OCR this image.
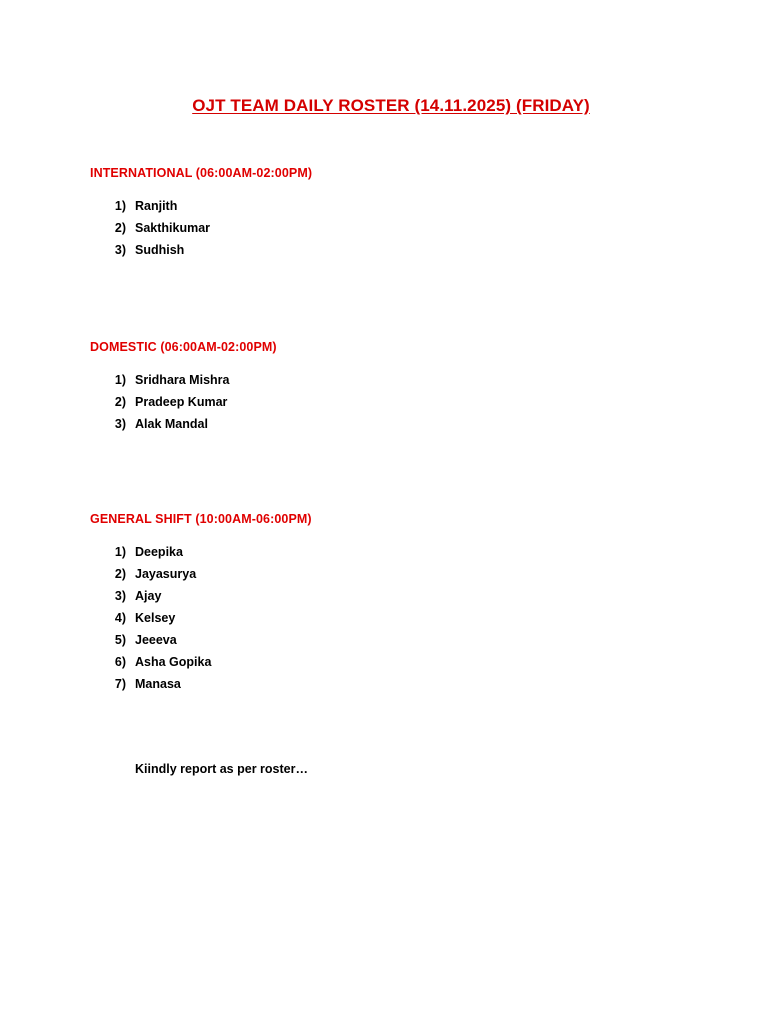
OJT TEAM DAILY ROSTER (14.11.2025) (FRIDAY)
INTERNATIONAL (06:00AM-02:00PM)
1) Ranjith
2) Sakthikumar
3) Sudhish
DOMESTIC (06:00AM-02:00PM)
1) Sridhara Mishra
2) Pradeep Kumar
3) Alak Mandal
GENERAL SHIFT (10:00AM-06:00PM)
1) Deepika
2) Jayasurya
3) Ajay
4) Kelsey
5) Jeeeva
6) Asha Gopika
7) Manasa
Kiindly report as per roster…
